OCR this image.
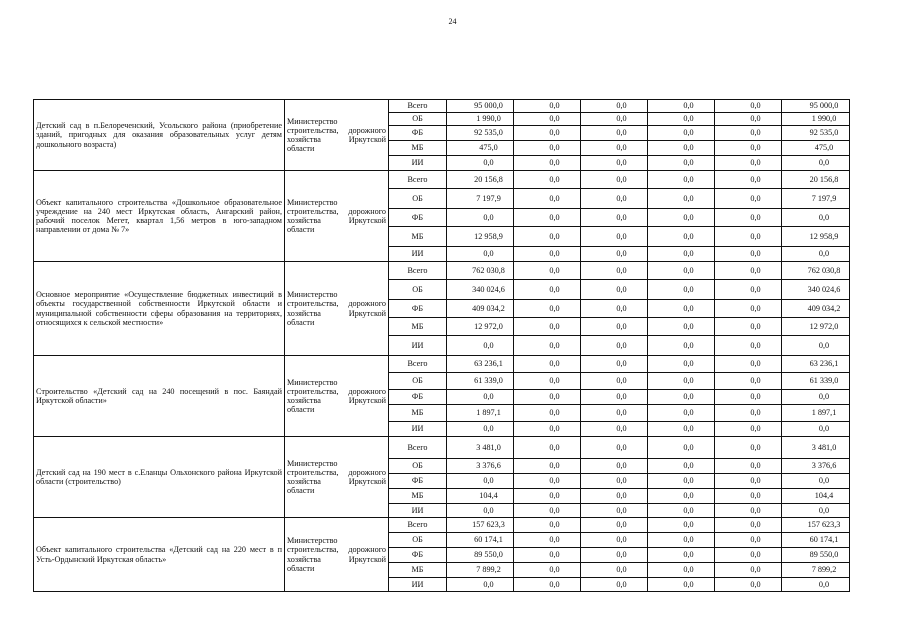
24
Детский сад в п.Белореченский, Усольского района (приобретение зданий, пригодных для оказания образовательных услуг детям дошкольного возраста)	Министерство строительства, дорожного хозяйства Иркутской области	Всего	95 000,0	0,0	0,0	0,0	0,0	95 000,0
		ОБ	1 990,0	0,0	0,0	0,0	0,0	1 990,0
		ФБ	92 535,0	0,0	0,0	0,0	0,0	92 535,0
		МБ	475,0	0,0	0,0	0,0	0,0	475,0
		ИИ	0,0	0,0	0,0	0,0	0,0	0,0
Объект капитального строительства «Дошкольное образовательное учреждение на 240 мест Иркутская область, Ангарский район, рабочий поселок Мегет, квартал 1,56 метров в юго-западном направлении от дома № 7»	Министерство строительства, дорожного хозяйства Иркутской области	Всего	20 156,8	0,0	0,0	0,0	0,0	20 156,8
		ОБ	7 197,9	0,0	0,0	0,0	0,0	7 197,9
		ФБ	0,0	0,0	0,0	0,0	0,0	0,0
		МБ	12 958,9	0,0	0,0	0,0	0,0	12 958,9
		ИИ	0,0	0,0	0,0	0,0	0,0	0,0
Основное мероприятие «Осуществление бюджетных инвестиций в объекты государственной собственности Иркутской области и муниципальной собственности сферы образования на территориях, относящихся к сельской местности»	Министерство строительства, дорожного хозяйства Иркутской области	Всего	762 030,8	0,0	0,0	0,0	0,0	762 030,8
		ОБ	340 024,6	0,0	0,0	0,0	0,0	340 024,6
		ФБ	409 034,2	0,0	0,0	0,0	0,0	409 034,2
		МБ	12 972,0	0,0	0,0	0,0	0,0	12 972,0
		ИИ	0,0	0,0	0,0	0,0	0,0	0,0
Строительство «Детский сад на 240 посещений в пос. Баяндай Иркутской области»	Министерство строительства, дорожного хозяйства Иркутской области	Всего	63 236,1	0,0	0,0	0,0	0,0	63 236,1
		ОБ	61 339,0	0,0	0,0	0,0	0,0	61 339,0
		ФБ	0,0	0,0	0,0	0,0	0,0	0,0
		МБ	1 897,1	0,0	0,0	0,0	0,0	1 897,1
		ИИ	0,0	0,0	0,0	0,0	0,0	0,0
Детский сад на 190 мест в с.Еланцы Ольхонского района Иркутской области (строительство)	Министерство строительства, дорожного хозяйства Иркутской области	Всего	3 481,0	0,0	0,0	0,0	0,0	3 481,0
		ОБ	3 376,6	0,0	0,0	0,0	0,0	3 376,6
		ФБ	0,0	0,0	0,0	0,0	0,0	0,0
		МБ	104,4	0,0	0,0	0,0	0,0	104,4
		ИИ	0,0	0,0	0,0	0,0	0,0	0,0
Объект капитального строительства «Детский сад на 220 мест в п Усть-Ордынский Иркутская область»	Министерство строительства, дорожного хозяйства Иркутской области	Всего	157 623,3	0,0	0,0	0,0	0,0	157 623,3
		ОБ	60 174,1	0,0	0,0	0,0	0,0	60 174,1
		ФБ	89 550,0	0,0	0,0	0,0	0,0	89 550,0
		МБ	7 899,2	0,0	0,0	0,0	0,0	7 899,2
		ИИ	0,0	0,0	0,0	0,0	0,0	0,0
